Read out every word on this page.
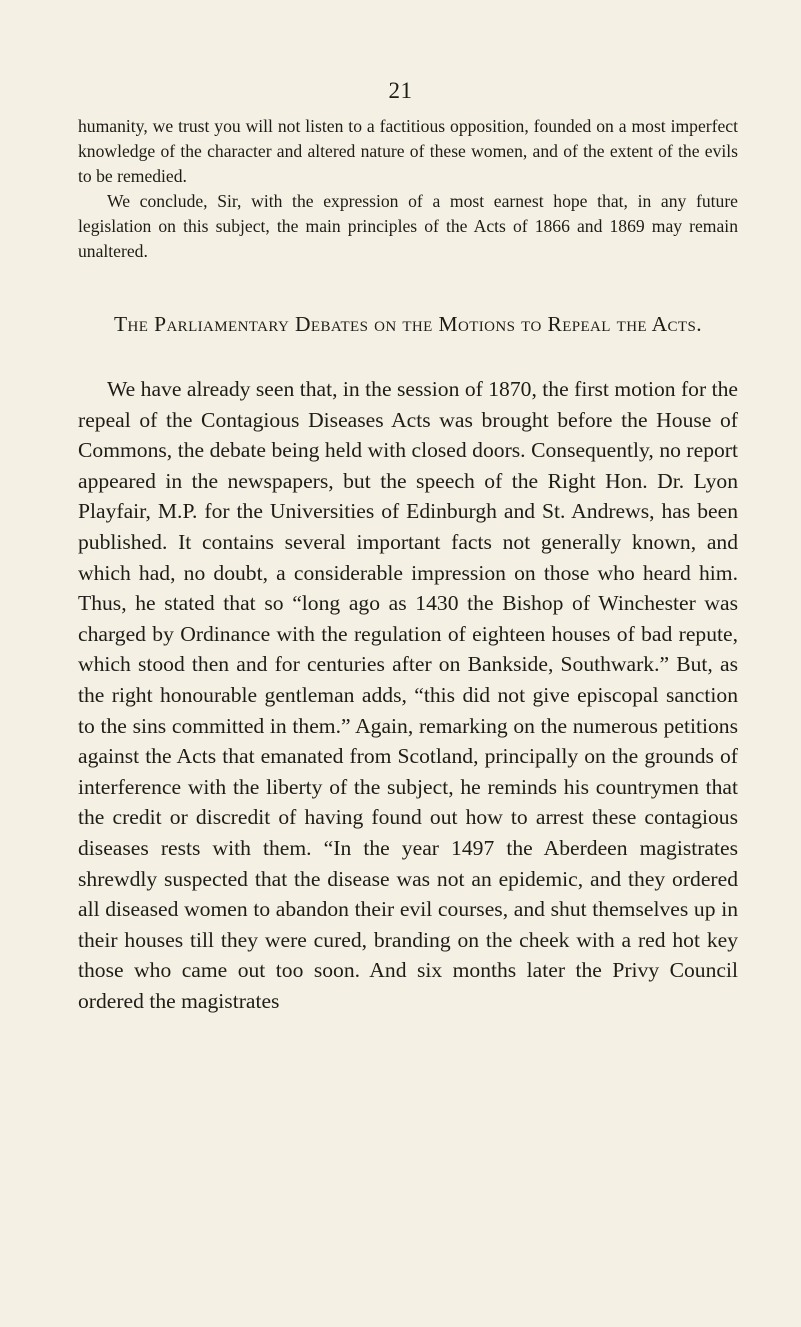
21

humanity, we trust you will not listen to a factitious opposition, founded on a most imperfect knowledge of the character and altered nature of these women, and of the extent of the evils to be remedied.

We conclude, Sir, with the expression of a most earnest hope that, in any future legislation on this subject, the main principles of the Acts of 1866 and 1869 may remain unaltered.

The Parliamentary Debates on the Motions to Repeal the Acts.

We have already seen that, in the session of 1870, the first motion for the repeal of the Contagious Diseases Acts was brought before the House of Commons, the debate being held with closed doors. Consequently, no report appeared in the newspapers, but the speech of the Right Hon. Dr. Lyon Playfair, M.P. for the Universities of Edinburgh and St. Andrews, has been published. It contains several important facts not generally known, and which had, no doubt, a considerable impression on those who heard him. Thus, he stated that so “long ago as 1430 the Bishop of Winchester was charged by Ordinance with the regulation of eighteen houses of bad repute, which stood then and for centuries after on Bankside, Southwark.” But, as the right honourable gentleman adds, “this did not give episcopal sanction to the sins committed in them.” Again, remarking on the numerous petitions against the Acts that emanated from Scotland, principally on the grounds of interference with the liberty of the subject, he reminds his countrymen that the credit or discredit of having found out how to arrest these contagious diseases rests with them. “In the year 1497 the Aberdeen magistrates shrewdly suspected that the disease was not an epidemic, and they ordered all diseased women to abandon their evil courses, and shut themselves up in their houses till they were cured, branding on the cheek with a red hot key those who came out too soon. And six months later the Privy Council ordered the magistrates
